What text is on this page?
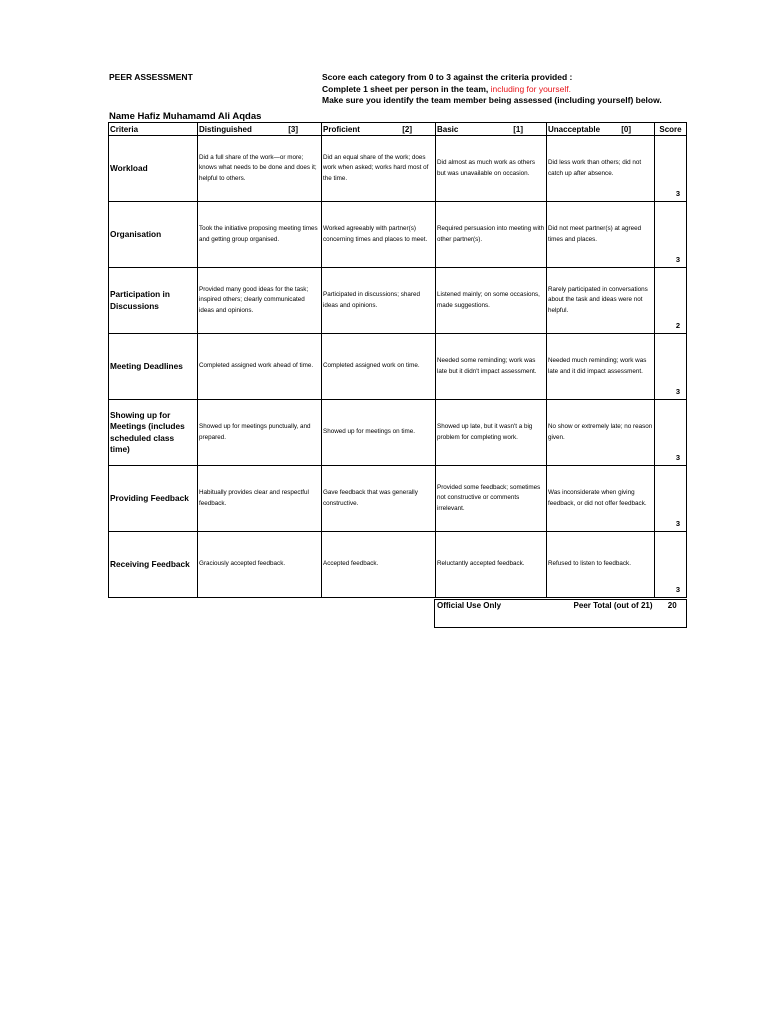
PEER ASSESSMENT	Score each category from 0 to 3 against the criteria provided :
Complete 1 sheet per person in the team, including for yourself.
Make sure you identify the team member being assessed (including yourself) below.
Name Hafiz Muhamamd Ali Aqdas
Criteria	Distinguished [3]	Proficient [2]	Basic [1]	Unacceptable [0]	Score
Workload	Did a full share of the work—or more; knows what needs to be done and does it; helpful to others.	Did an equal share of the work; does work when asked; works hard most of the time.	Did almost as much work as others but was unavailable on occasion.	Did less work than others; did not catch up after absence.	3
Organisation	Took the initiative proposing meeting times and getting group organised.	Worked agreeably with partner(s) concerning times and places to meet.	Required persuasion into meeting with other partner(s).	Did not meet partner(s) at agreed times and places.	3
Participation in Discussions	Provided many good ideas for the task; inspired others; clearly communicated ideas and opinions.	Participated in discussions; shared ideas and opinions.	Listened mainly; on some occasions, made suggestions.	Rarely participated in conversations about the task and ideas were not helpful.	2
Meeting Deadlines	Completed assigned work ahead of time.	Completed assigned work on time.	Needed some reminding; work was late but it didn't impact assessment.	Needed much reminding; work was late and it did impact assessment.	3
Showing up for Meetings (includes scheduled class time)	Showed up for meetings punctually, and prepared.	Showed up for meetings on time.	Showed up late, but it wasn't a big problem for completing work.	No show or extremely late; no reason given.	3
Providing Feedback	Habitually provides clear and respectful feedback.	Gave feedback that was generally constructive.	Provided some feedback; sometimes not constructive or comments irrelevant.	Was inconsiderate when giving feedback, or did not offer feedback.	3
Receiving Feedback	Graciously accepted feedback.	Accepted feedback.	Reluctantly accepted feedback.	Refused to listen to feedback.	3
Official Use Only	Peer Total (out of 21)	20
